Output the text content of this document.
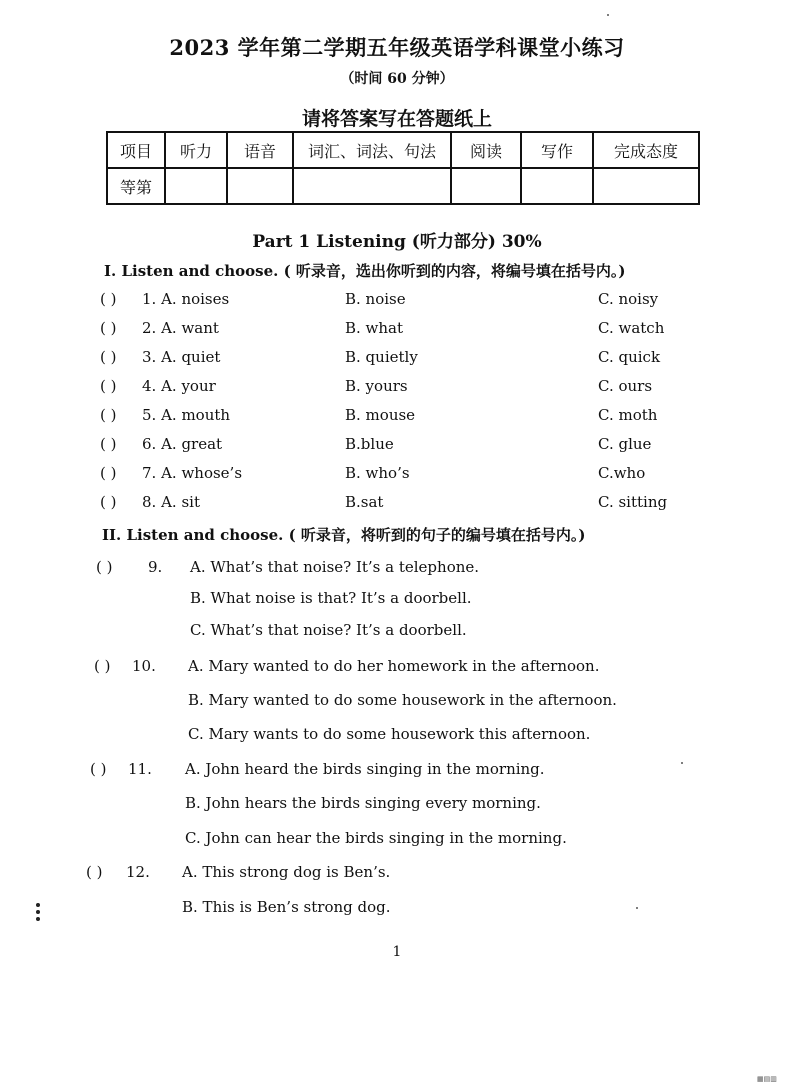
2023 学年第二学期五年级英语学科课堂小练习
（时间 60 分钟）
请将答案写在答题纸上
项目	听力	语音	词汇、词法、句法	阅读	写作	完成态度
等第						
Part 1 Listening (听力部分) 30%
I. Listen and choose. ( 听录音，选出你听到的内容，将编号填在括号内。)
( ) 1. A. noises	B. noise	C. noisy
( ) 2. A. want	B. what	C. watch
( ) 3. A. quiet	B. quietly	C. quick
( ) 4. A. your	B. yours	C. ours
( ) 5. A. mouth	B. mouse	C. moth
( ) 6. A. great	B.blue	C. glue
( ) 7. A. whose’s	B. who’s	C.who
( ) 8. A. sit	B.sat	C. sitting
II. Listen and choose. ( 听录音，将听到的句子的编号填在括号内。)
( ) 9. A. What’s that noise? It’s a telephone.
B. What noise is that? It’s a doorbell.
C. What’s that noise? It’s a doorbell.
( ) 10. A. Mary wanted to do her homework in the afternoon.
B. Mary wanted to do some housework in the afternoon.
C. Mary wants to do some housework this afternoon.
( ) 11. A. John heard the birds singing in the morning.
B. John hears the birds singing every morning.
C. John can hear the birds singing in the morning.
( ) 12. A. This strong dog is Ben’s.
B. This is Ben’s strong dog.
1
▦▤▥
